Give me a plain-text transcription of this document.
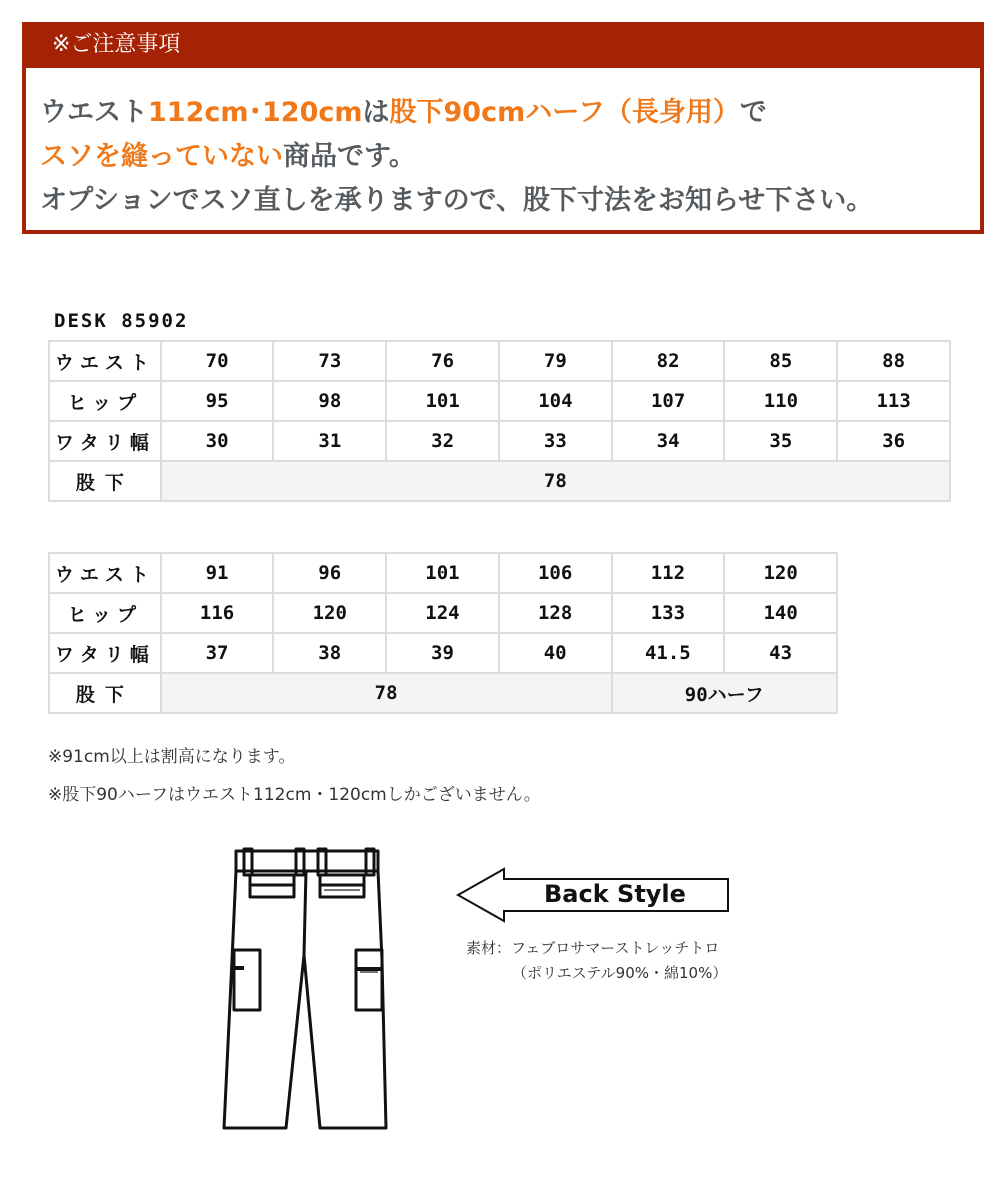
※ご注意事項
ウエスト112cm･120cmは股下90cmハーフ（長身用）で
スソを縫っていない商品です。
オプションでスソ直しを承りますので、股下寸法をお知らせ下さい。
DESK 85902
ウエスト	70	73	76	79	82	85	88
ヒップ	95	98	101	104	107	110	113
ワタリ幅	30	31	32	33	34	35	36
股下	78						
ウエスト	91	96	101	106	112	120
ヒップ	116	120	124	128	133	140
ワタリ幅	37	38	39	40	41.5	43
股下	78				90ハーフ	
※91cm以上は割高になります。
※股下90ハーフはウエスト112cm・120cmしかございません。
Back Style
素材：フェブロサマーストレッチトロ
（ポリエステル90%・綿10%）
